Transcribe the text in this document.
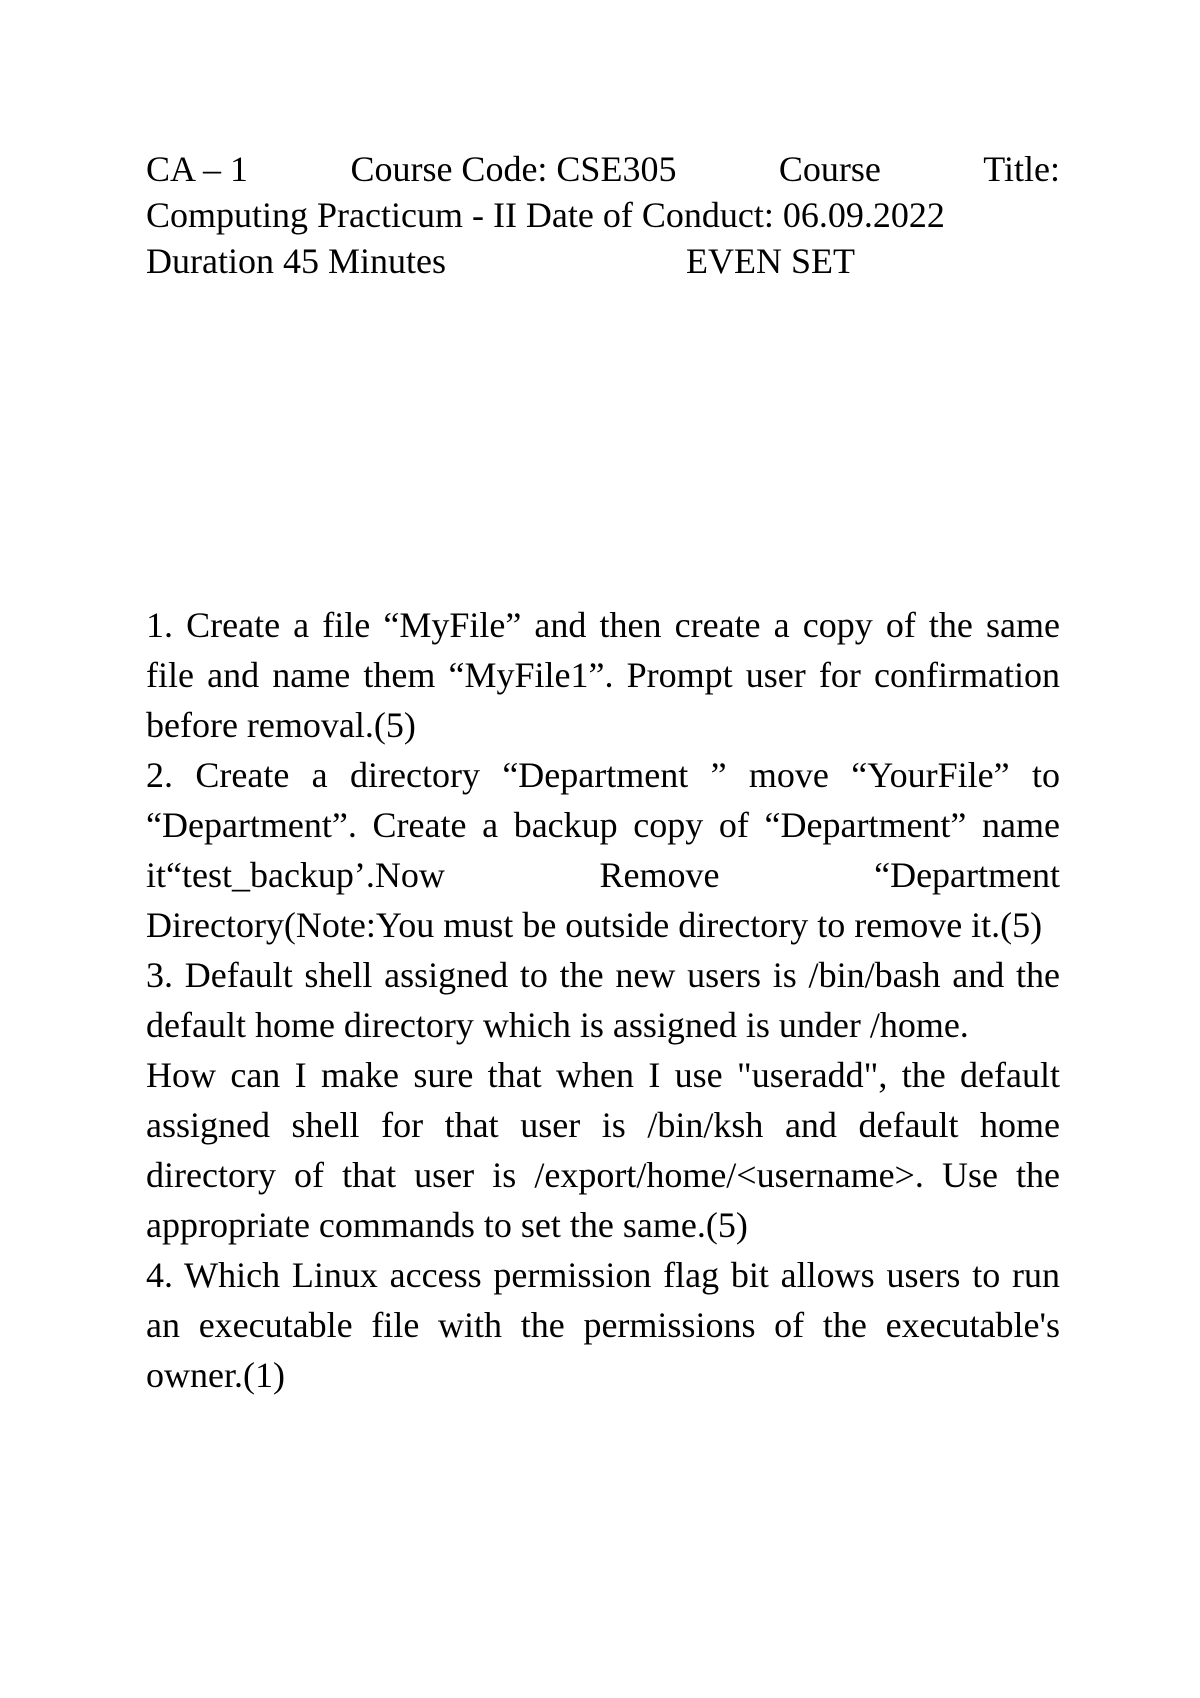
CA – 1	Course Code: CSE305	Course	Title:
Computing Practicum - II Date of Conduct: 06.09.2022
Duration 45 Minutes	EVEN SET

1. Create a file “MyFile” and then create a copy of the same file and name them “MyFile1”. Prompt user for confirmation before removal.(5)

2. Create a directory “Department ” move “YourFile” to “Department”. Create a backup copy of “Department” name it“test_backup’.Now Remove “Department Directory(Note:You must be outside directory to remove it.(5)

3. Default shell assigned to the new users is /bin/bash and the default home directory which is assigned is under /home.

How can I make sure that when I use "useradd", the default assigned shell for that user is /bin/ksh and default home directory of that user is /export/home/<username>. Use the appropriate commands to set the same.(5)

4. Which Linux access permission flag bit allows users to run an executable file with the permissions of the executable's owner.(1)
